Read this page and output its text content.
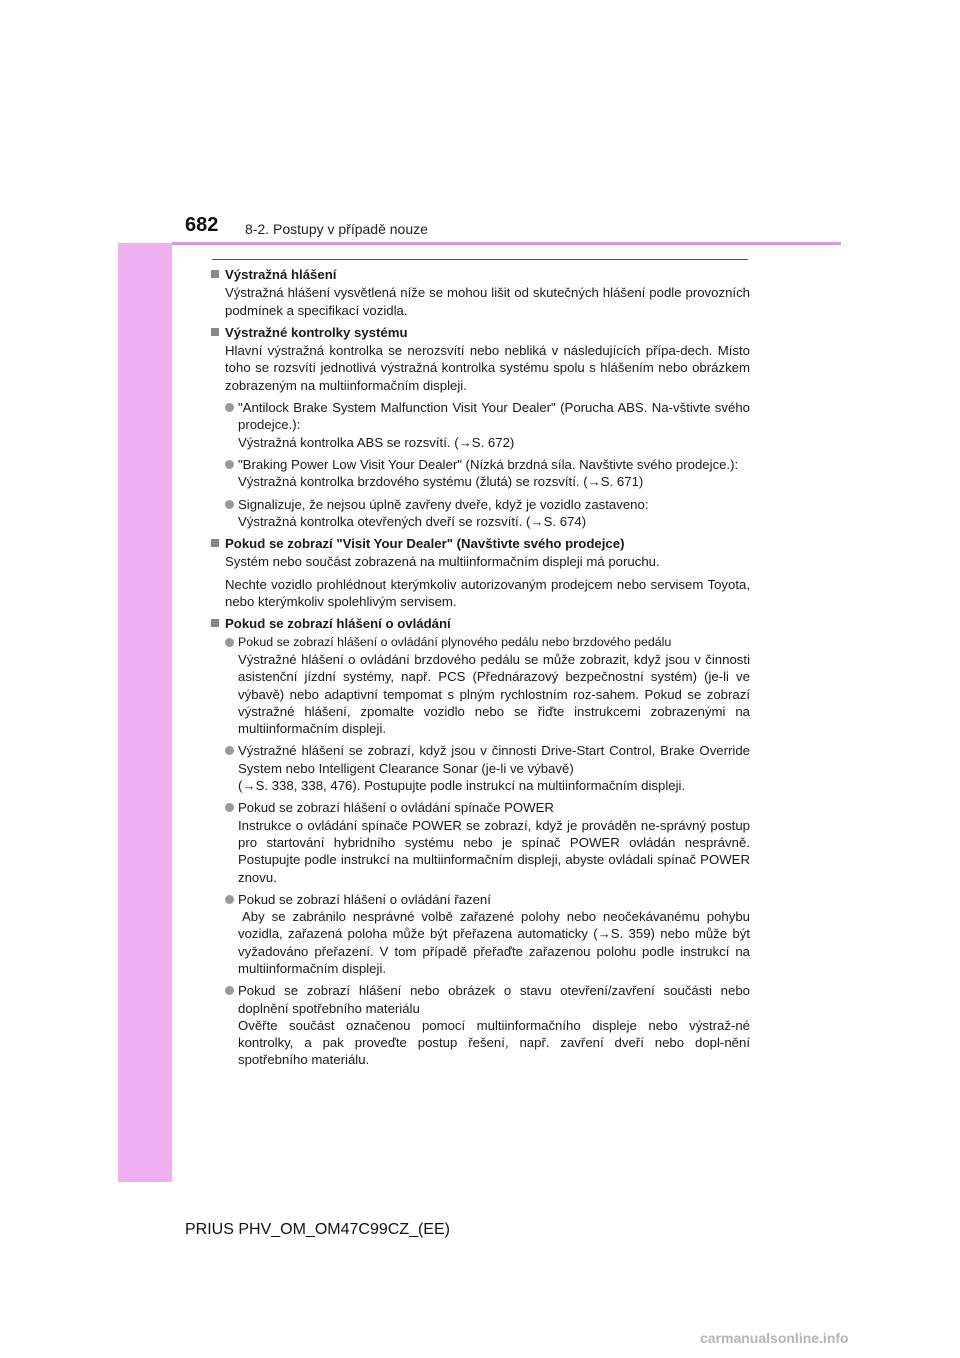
682 8-2. Postupy v případě nouze
Výstražná hlášení

Výstražná hlášení vysvětlená níže se mohou lišit od skutečných hlášení podle provozních podmínek a specifikací vozidla.

Výstražné kontrolky systému

Hlavní výstražná kontrolka se nerozsvítí nebo nebliká v následujících přípa-dech. Místo toho se rozsvítí jednotlivá výstražná kontrolka systému spolu s hlášením nebo obrázkem zobrazeným na multiinformačním displeji.

"Antilock Brake System Malfunction Visit Your Dealer" (Porucha ABS. Na-vštivte svého prodejce.):
Výstražná kontrolka ABS se rozsvítí. (→S. 672)
"Braking Power Low Visit Your Dealer" (Nízká brzdná síla. Navštivte svého prodejce.):
Výstražná kontrolka brzdového systému (žlutá) se rozsvítí. (→S. 671)
Signalizuje, že nejsou úplně zavřeny dveře, když je vozidlo zastaveno:
Výstražná kontrolka otevřených dveří se rozsvítí. (→S. 674)
Pokud se zobrazí "Visit Your Dealer" (Navštivte svého prodejce)

Systém nebo součást zobrazená na multiinformačním displeji má poruchu.

Nechte vozidlo prohlédnout kterýmkoliv autorizovaným prodejcem nebo servisem Toyota, nebo kterýmkoliv spolehlivým servisem.

Pokud se zobrazí hlášení o ovládání
Pokud se zobrazí hlášení o ovládání plynového pedálu nebo brzdového pedálu
Výstražné hlášení o ovládání brzdového pedálu se může zobrazit, když jsou v činnosti asistenční jízdní systémy, např. PCS (Přednárazový bezpečnostní systém) (je-li ve výbavě) nebo adaptivní tempomat s plným rychlostním roz-sahem. Pokud se zobrazí výstražné hlášení, zpomalte vozidlo nebo se řiďte instrukcemi zobrazenými na multiinformačním displeji.
Výstražné hlášení se zobrazí, když jsou v činnosti Drive-Start Control, Brake Override System nebo Intelligent Clearance Sonar (je-li ve výbavě)
(→S. 338, 338, 476). Postupujte podle instrukcí na multiinformačním displeji.
Pokud se zobrazí hlášení o ovládání spínače POWER
Instrukce o ovládání spínače POWER se zobrazí, když je prováděn ne-správný postup pro startování hybridního systému nebo je spínač POWER ovládán nesprávně. Postupujte podle instrukcí na multiinformačním displeji, abyste ovládali spínač POWER znovu.
Pokud se zobrazí hlášení o ovládání řazení
Aby se zabránilo nesprávné volbě zařazené polohy nebo neočekávanému pohybu vozidla, zařazená poloha může být přeřazena automaticky (→S. 359) nebo může být vyžadováno přeřazení. V tom případě přeřaďte zařazenou polohu podle instrukcí na multiinformačním displeji.
Pokud se zobrazí hlášení nebo obrázek o stavu otevření/zavření součásti nebo doplnění spotřebního materiálu
Ověřte součást označenou pomocí multiinformačního displeje nebo výstraž-né kontrolky, a pak proveďte postup řešení, např. zavření dveří nebo dopl-nění spotřebního materiálu.
PRIUS PHV_OM_OM47C99CZ_(EE)
carmanualsonline.info
